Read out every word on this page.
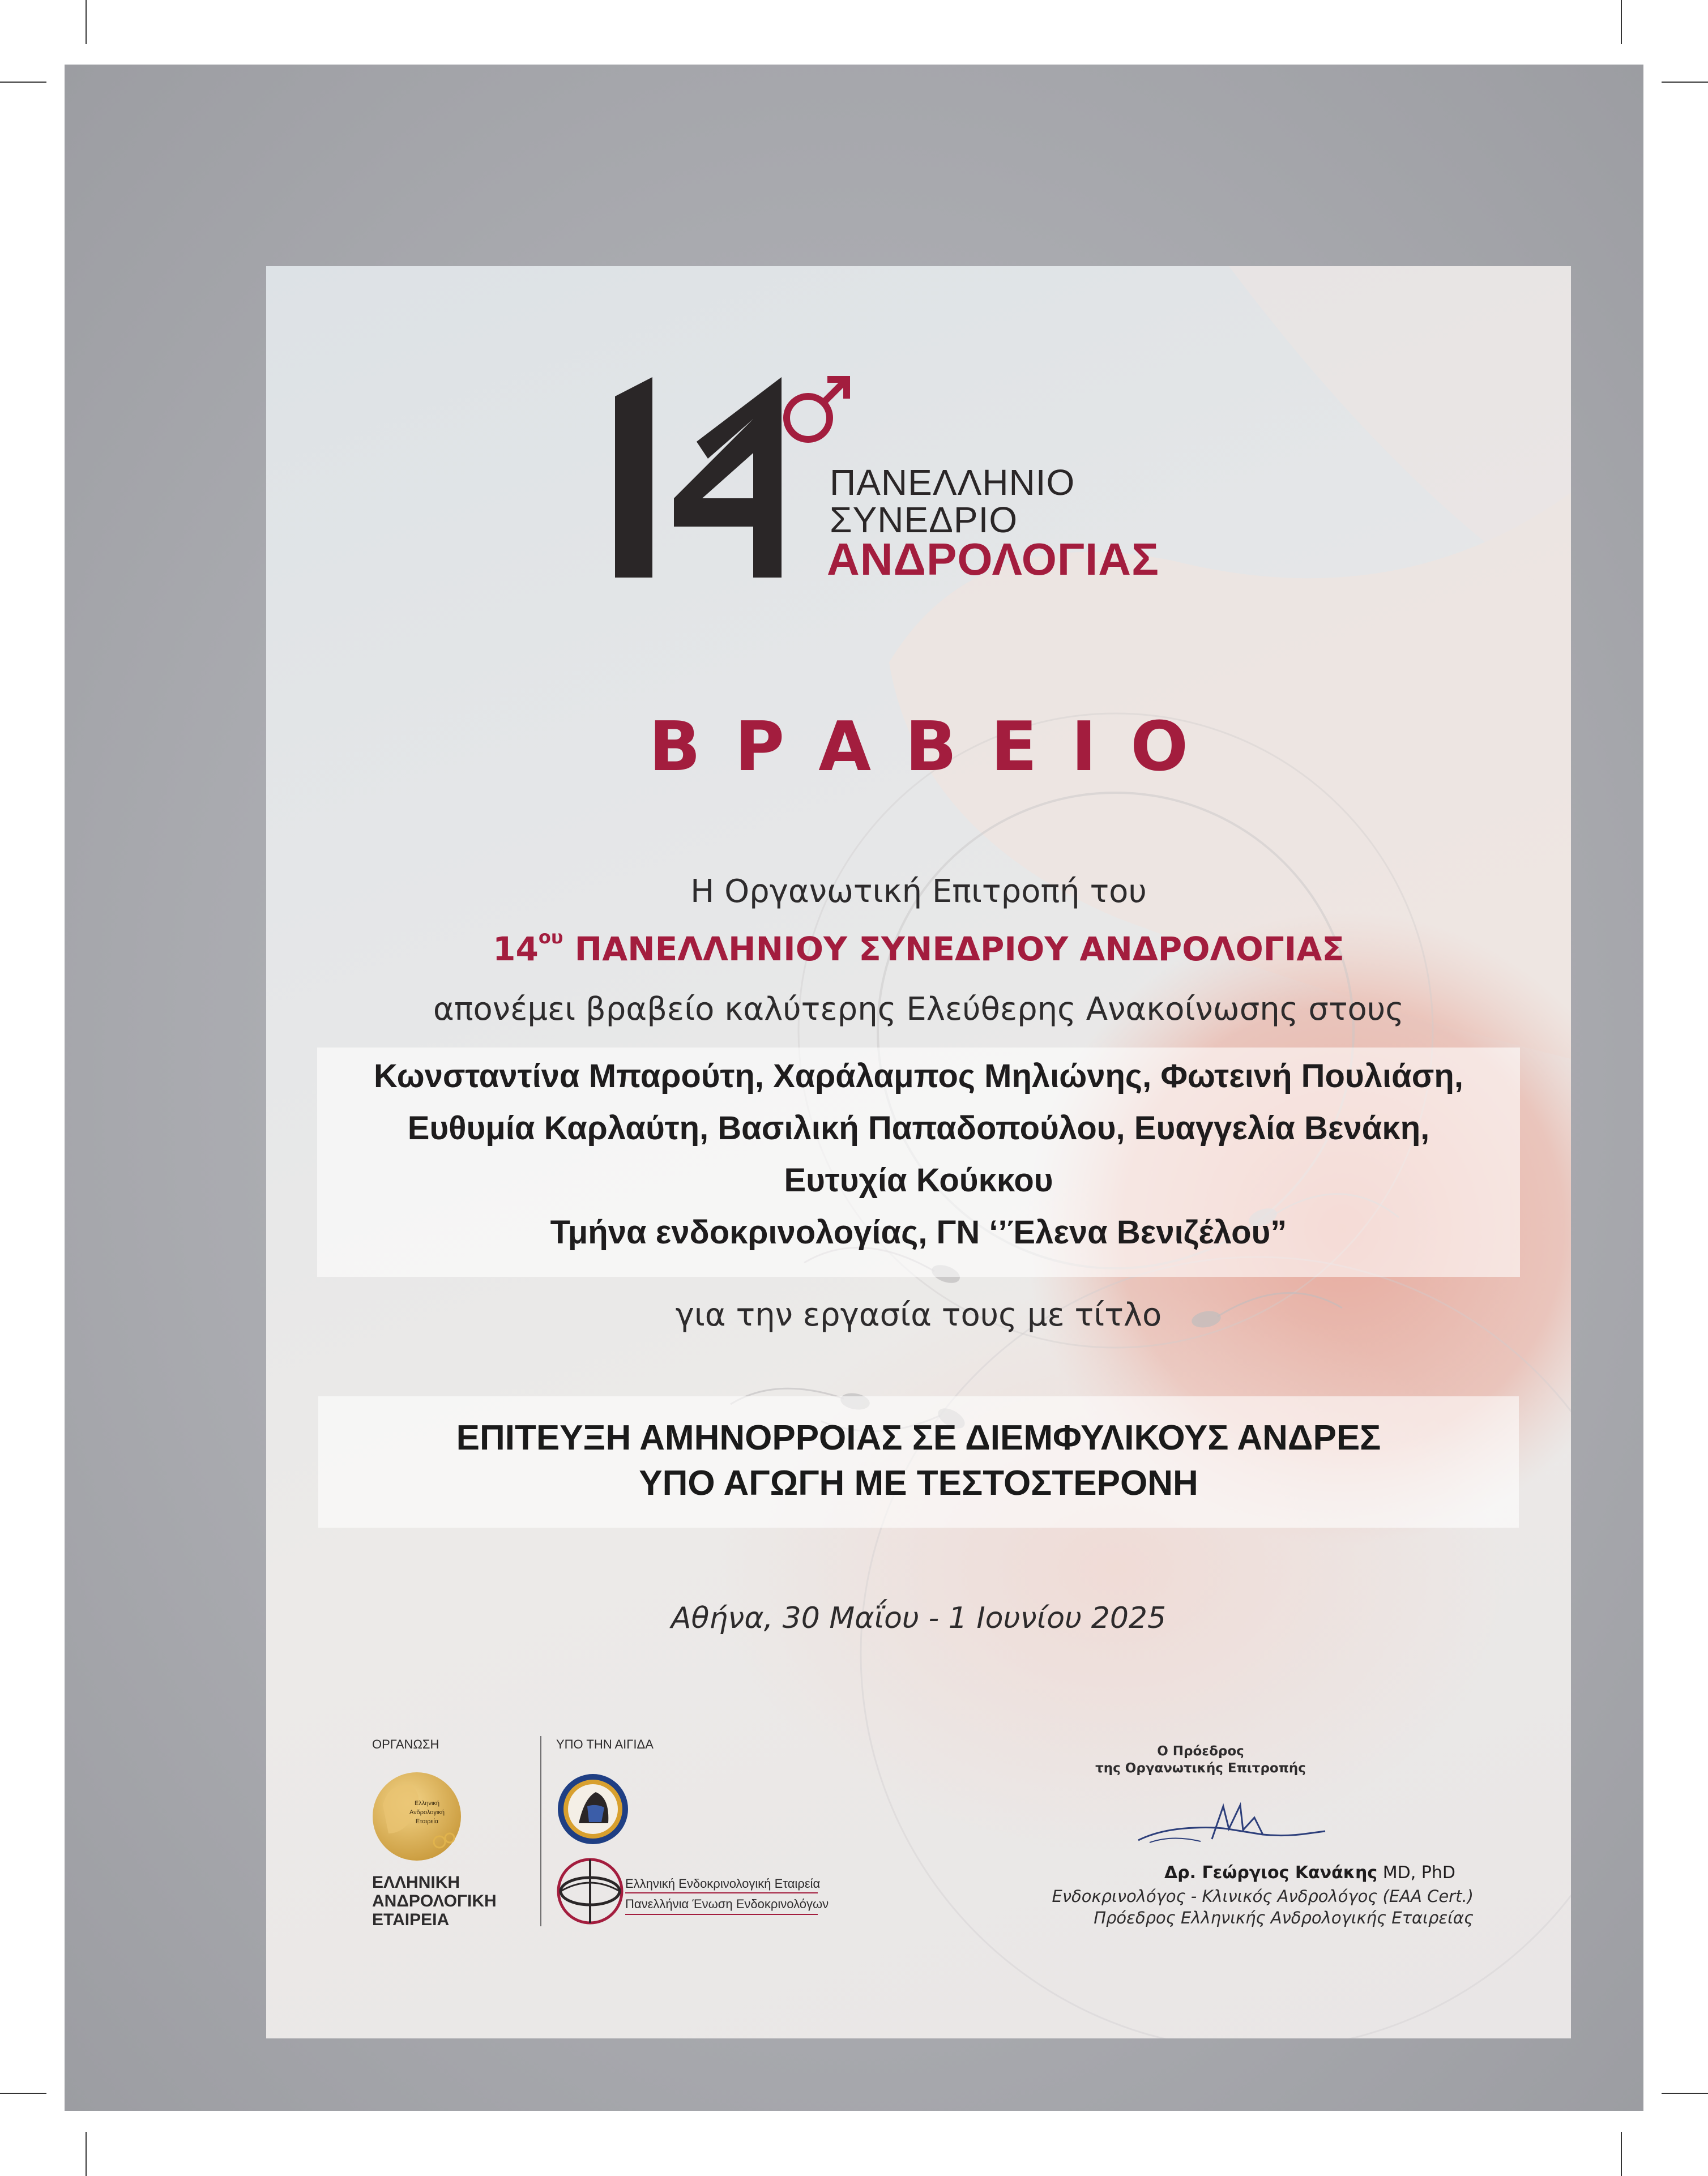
ΠΑΝΕΛΛΗΝΙΟ
ΣΥΝΕΔΡΙΟ
ΑΝΔΡΟΛΟΓΙΑΣ
ΒΡΑΒΕΙΟ
Η Οργανωτική Επιτροπή του
$14^{o\upsilon}$ ΠΑΝΕΛΛΗΝΙΟΥ ΣΥΝΕΔΡΙΟΥ ΑΝΔΡΟΛΟΓΙΑΣ
απονέμει βραβείο καλύτερης Ελεύθερης Ανακοίνωσης στους
Κωνσταντίνα Μπαρούτη, Χαράλαμπος Μηλιώνης, Φωτεινή Πουλιάση,
Ευθυμία Καρλαύτη, Βασιλική Παπαδοπούλου, Ευαγγελία Βενάκη,
Ευτυχία Κούκκου
Τμήνα ενδοκρινολογίας, ΓΝ ‘’Έλενα Βενιζέλου”
για την εργασία τους με τίτλο
ΕΠΙΤΕΥΞΗ ΑΜΗΝΟΡΡΟΙΑΣ ΣΕ ΔΙΕΜΦΥΛΙΚΟΥΣ ΑΝΔΡΕΣ
ΥΠΟ ΑΓΩΓΗ ΜΕ ΤΕΣΤΟΣΤΕΡΟΝΗ
Αθήνα, 30 Μαΐου - 1 Ιουνίου 2025
ΟΡΓΑΝΩΣΗ
Ελληνική
Ανδρολογική
Εταιρεία
ΕΛΛΗΝΙΚΗ
ΑΝΔΡΟΛΟΓΙΚΗ
ΕΤΑΙΡΕΙΑ
ΥΠΟ ΤΗΝ ΑΙΓΙΔΑ
Ελληνική Ενδοκρινολογική Εταιρεία
Πανελλήνια Ένωση Ενδοκρινολόγων
Ο Πρόεδρος
της Οργανωτικής Επιτροπής
Δρ. Γεώργιος Κανάκης MD, PhD
Ενδοκρινολόγος - Κλινικός Ανδρολόγος (EAA Cert.)
Πρόεδρος Ελληνικής Ανδρολογικής Εταιρείας
